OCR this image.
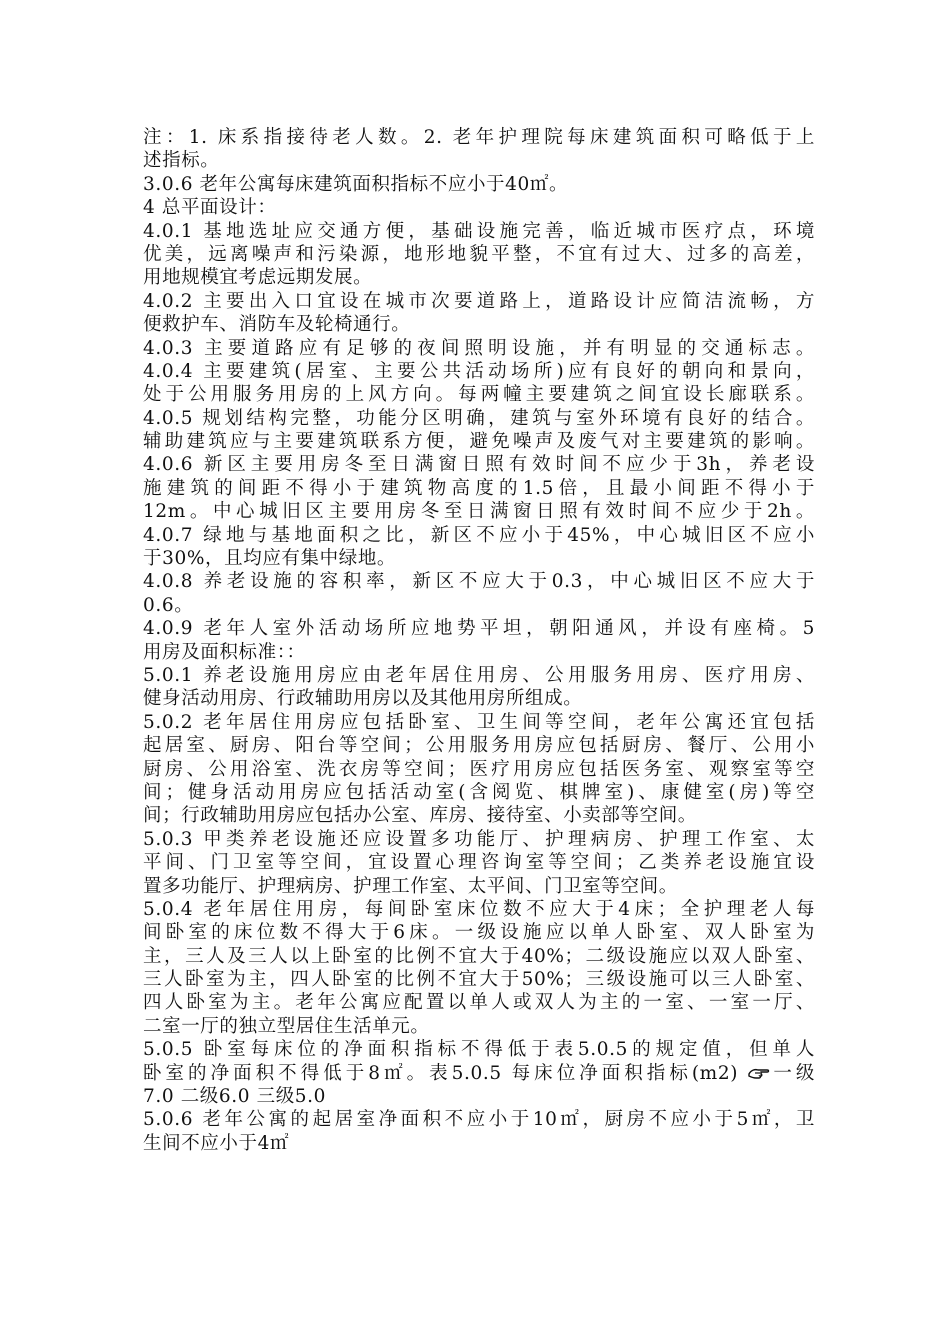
注：1. 床系指接待老人数。2. 老年护理院每床建筑面积可略低于上
述指标。
3.0.6 老年公寓每床建筑面积指标不应小于40㎡。
4 总平面设计：
4.0.1 基地选址应交通方便，基础设施完善，临近城市医疗点，环境
优美，远离噪声和污染源，地形地貌平整，不宜有过大、过多的高差，
用地规模宜考虑远期发展。
4.0.2 主要出入口宜设在城市次要道路上，道路设计应简洁流畅，方
便救护车、消防车及轮椅通行。
4.0.3 主要道路应有足够的夜间照明设施，并有明显的交通标志。
4.0.4 主要建筑(居室、主要公共活动场所)应有良好的朝向和景向，
处于公用服务用房的上风方向。每两幢主要建筑之间宜设长廊联系。
4.0.5 规划结构完整，功能分区明确，建筑与室外环境有良好的结合。
辅助建筑应与主要建筑联系方便，避免噪声及废气对主要建筑的影响。
4.0.6 新区主要用房冬至日满窗日照有效时间不应少于3h，养老设
施建筑的间距不得小于建筑物高度的1.5倍，且最小间距不得小于
12m。中心城旧区主要用房冬至日满窗日照有效时间不应少于2h。
4.0.7 绿地与基地面积之比，新区不应小于45%，中心城旧区不应小
于30%，且均应有集中绿地。
4.0.8 养老设施的容积率，新区不应大于0.3，中心城旧区不应大于
0.6。
4.0.9 老年人室外活动场所应地势平坦，朝阳通风，并设有座椅。5
用房及面积标准：：
5.0.1 养老设施用房应由老年居住用房、公用服务用房、医疗用房、
健身活动用房、行政辅助用房以及其他用房所组成。
5.0.2 老年居住用房应包括卧室、卫生间等空间，老年公寓还宜包括
起居室、厨房、阳台等空间；公用服务用房应包括厨房、餐厅、公用小
厨房、公用浴室、洗衣房等空间；医疗用房应包括医务室、观察室等空
间；健身活动用房应包括活动室(含阅览、棋牌室)、康健室(房)等空
间；行政辅助用房应包括办公室、库房、接待室、小卖部等空间。
5.0.3 甲类养老设施还应设置多功能厅、护理病房、护理工作室、太
平间、门卫室等空间，宜设置心理咨询室等空间；乙类养老设施宜设
置多功能厅、护理病房、护理工作室、太平间、门卫室等空间。
5.0.4 老年居住用房，每间卧室床位数不应大于4床；全护理老人每
间卧室的床位数不得大于6床。一级设施应以单人卧室、双人卧室为
主，三人及三人以上卧室的比例不宜大于40%；二级设施应以双人卧室、
三人卧室为主，四人卧室的比例不宜大于50%；三级设施可以三人卧室、
四人卧室为主。老年公寓应配置以单人或双人为主的一室、一室一厅、
二室一厅的独立型居住生活单元。
5.0.5 卧室每床位的净面积指标不得低于表5.0.5的规定值，但单人
卧室的净面积不得低于8㎡。表5.0.5 每床位净面积指标(m2) 一级
7.0 二级6.0 三级5.0
5.0.6 老年公寓的起居室净面积不应小于10㎡，厨房不应小于5㎡，卫
生间不应小于4㎡
